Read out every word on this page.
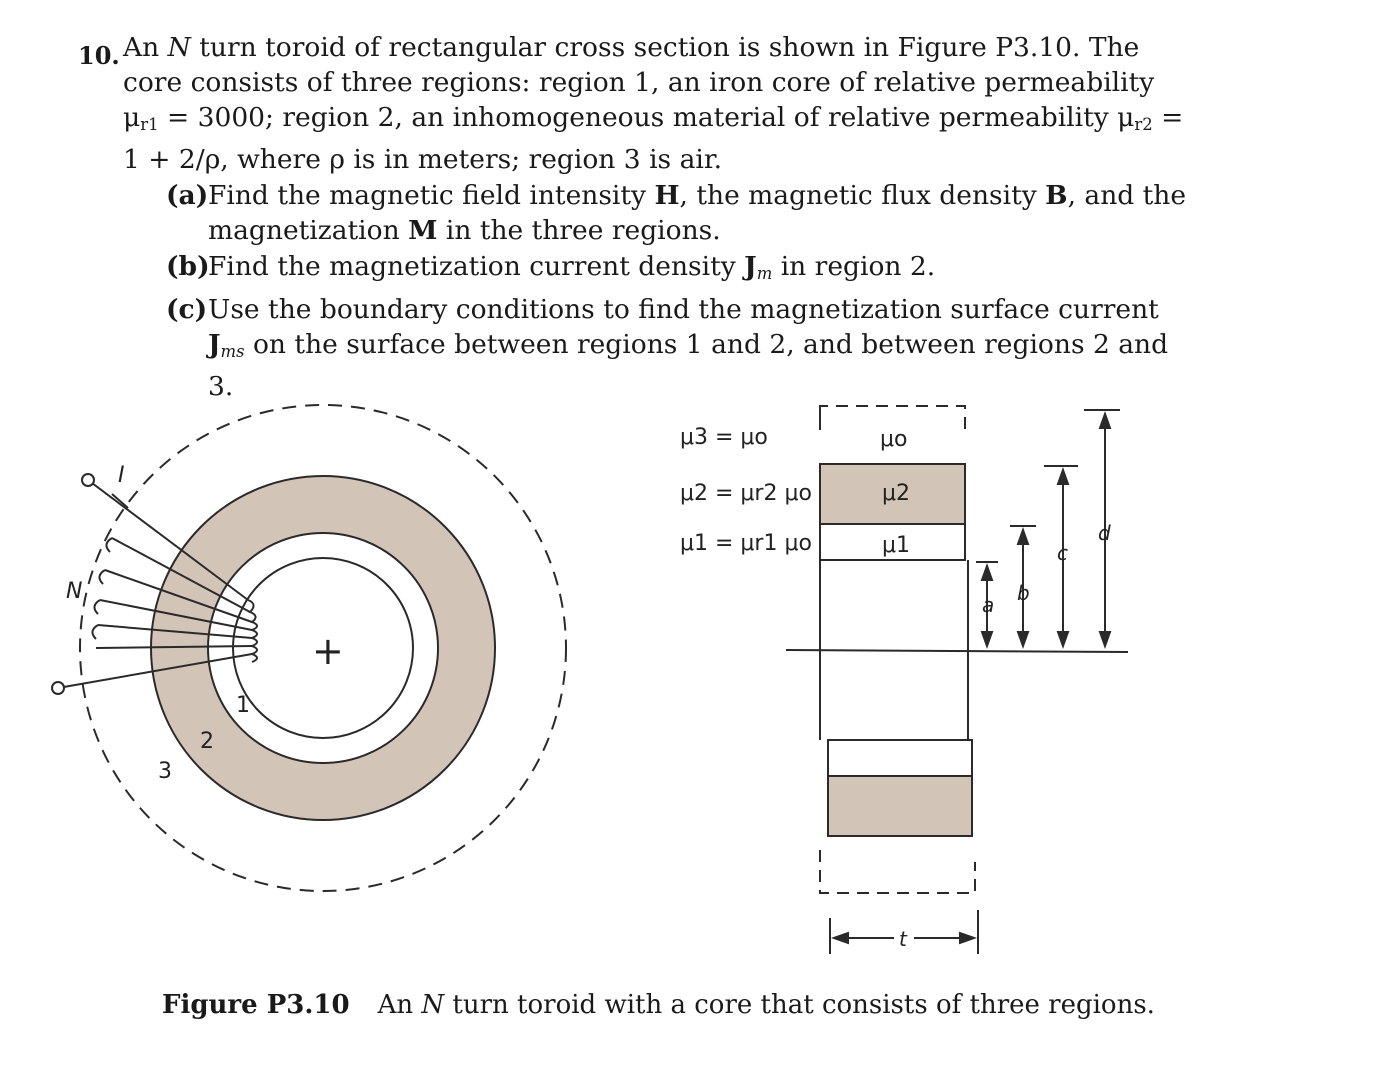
10. An N turn toroid of rectangular cross section is shown in Figure P3.10. The core consists of three regions: region 1, an iron core of relative permeability $\mu_{r1} = 3000$; region 2, an inhomogeneous material of relative permeability $\mu_{r2} = 1 + 2/\rho$, where ρ is in meters; region 3 is air.
(a) Find the magnetic field intensity H, the magnetic flux density B, and the magnetization M in the three regions.
(b)
Find the magnetization current density $J_m$ in region 2.
(c) Use the boundary conditions to find the magnetization surface current $J_{ms}$ on the surface between regions 1 and 2, and between regions 2 and 3.
+
I
N
1
2
3
μ3 = μo
μ2 = μr2 μo
μ1 = μr1 μo
μo
μ2
μ1
a b
c
d
t
Figure P3.10 An N turn toroid with a core that consists of three regions.
